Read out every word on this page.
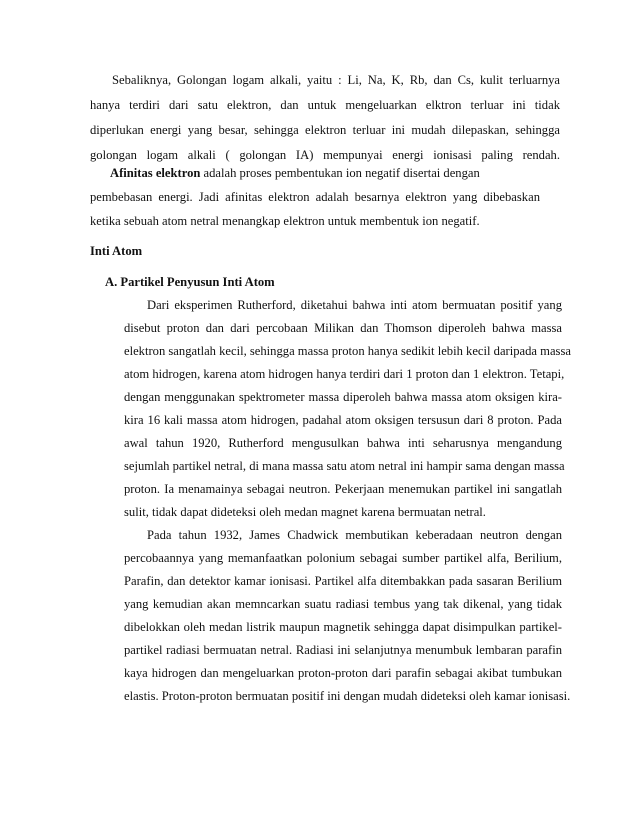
Sebaliknya, Golongan logam alkali, yaitu : Li, Na, K, Rb, dan Cs, kulit terluarnya
hanya terdiri dari satu elektron, dan untuk mengeluarkan elktron terluar ini tidak
diperlukan energi yang besar, sehingga elektron terluar ini mudah dilepaskan, sehingga
golongan logam alkali ( golongan IA) mempunyai energi ionisasi paling rendah.
Afinitas elektron adalah proses pembentukan ion negatif disertai dengan
pembebasan energi. Jadi afinitas elektron adalah besarnya elektron yang dibebaskan
ketika sebuah atom netral menangkap elektron untuk membentuk ion negatif.
Inti Atom
A. Partikel Penyusun Inti Atom
Dari eksperimen Rutherford, diketahui bahwa inti atom bermuatan positif yang
disebut proton dan dari percobaan Milikan dan Thomson diperoleh bahwa massa
elektron sangatlah kecil, sehingga massa proton hanya sedikit lebih kecil daripada massa
atom hidrogen, karena atom hidrogen hanya terdiri dari 1 proton dan 1 elektron. Tetapi,
dengan menggunakan spektrometer massa diperoleh bahwa massa atom oksigen kira-
kira 16 kali massa atom hidrogen, padahal atom oksigen tersusun dari 8 proton. Pada
awal tahun 1920, Rutherford mengusulkan bahwa inti seharusnya mengandung
sejumlah partikel netral, di mana massa satu atom netral ini hampir sama dengan massa
proton. Ia menamainya sebagai neutron. Pekerjaan menemukan partikel ini sangatlah
sulit, tidak dapat dideteksi oleh medan magnet karena bermuatan netral.
Pada tahun 1932, James Chadwick membutikan keberadaan neutron dengan
percobaannya yang memanfaatkan polonium sebagai sumber partikel alfa, Berilium,
Parafin, dan detektor kamar ionisasi. Partikel alfa ditembakkan pada sasaran Berilium
yang kemudian akan memncarkan suatu radiasi tembus yang tak dikenal, yang tidak
dibelokkan oleh medan listrik maupun magnetik sehingga dapat disimpulkan partikel-
partikel radiasi bermuatan netral. Radiasi ini selanjutnya menumbuk lembaran parafin
kaya hidrogen dan mengeluarkan proton-proton dari parafin sebagai akibat tumbukan
elastis. Proton-proton bermuatan positif ini dengan mudah dideteksi oleh kamar ionisasi.
